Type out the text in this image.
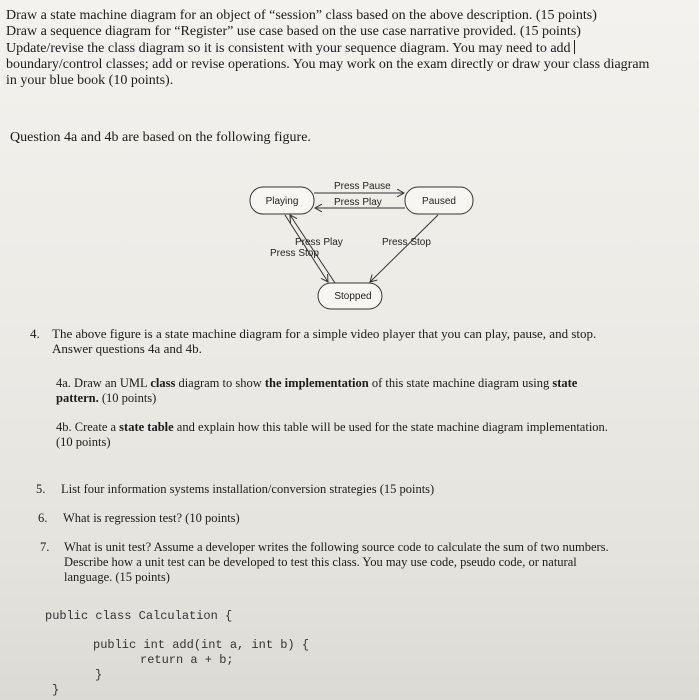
Draw a state machine diagram for an object of “session” class based on the above description. (15 points)
Draw a sequence diagram for “Register” use case based on the use case narrative provided. (15 points)
Update/revise the class diagram so it is consistent with your sequence diagram. You may need to add
boundary/control classes; add or revise operations. You may work on the exam directly or draw your class diagram
in your blue book (10 points).
Question 4a and 4b are based on the following figure.
Playing	Paused
Stopped
Press Pause
Press Play
Press Play
Press Stop
Press Stop
4. The above figure is a state machine diagram for a simple video player that you can play, pause, and stop.
Answer questions 4a and 4b.
4a. Draw an UML class diagram to show the implementation of this state machine diagram using state
pattern. (10 points)
4b. Create a state table and explain how this table will be used for the state machine diagram implementation.
(10 points)
5. List four information systems installation/conversion strategies (15 points)
6. What is regression test? (10 points)
7. What is unit test? Assume a developer writes the following source code to calculate the sum of two numbers.
Describe how a unit test can be developed to test this class. You may use code, pseudo code, or natural
language. (15 points)
public class Calculation {
public int add(int a, int b) {
return a + b;
}
}
